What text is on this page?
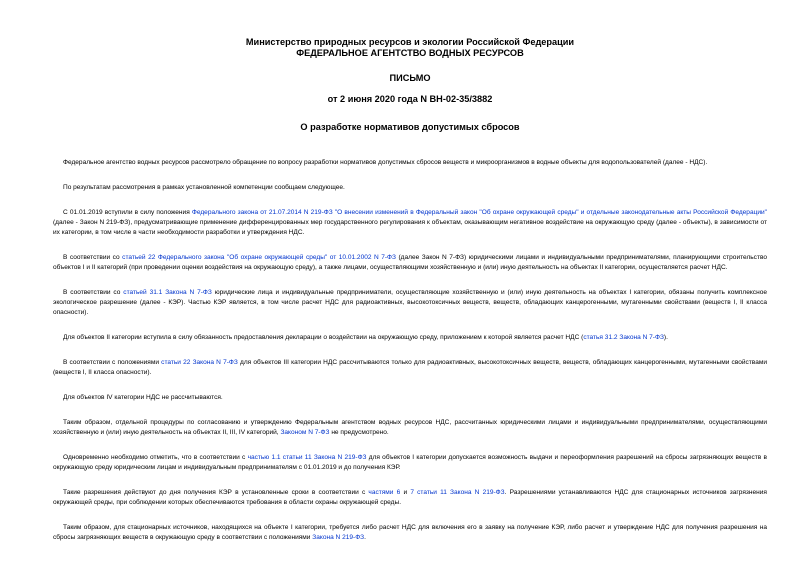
Министерство природных ресурсов и экологии Российской Федерации
ФЕДЕРАЛЬНОЕ АГЕНТСТВО ВОДНЫХ РЕСУРСОВ
ПИСЬМО
от 2 июня 2020 года N ВН-02-35/3882
О разработке нормативов допустимых сбросов

Федеральное агентство водных ресурсов рассмотрело обращение по вопросу разработки нормативов допустимых сбросов веществ и микроорганизмов в водные объекты для водопользователей (далее - НДС).

По результатам рассмотрения в рамках установленной компетенции сообщаем следующее.

С 01.01.2019 вступили в силу положения Федерального закона от 21.07.2014 N 219-ФЗ "О внесении изменений в Федеральный закон "Об охране окружающей среды" и отдельные законодательные акты Российской Федерации" (далее - Закон N 219-ФЗ), предусматривающие применение дифференцированных мер государственного регулирования к объектам, оказывающим негативное воздействие на окружающую среду (далее - объекты), в зависимости от их категории, в том числе в части необходимости разработки и утверждения НДС.

В соответствии со статьей 22 Федерального закона "Об охране окружающей среды" от 10.01.2002 N 7-ФЗ (далее Закон N 7-ФЗ) юридическими лицами и индивидуальными предпринимателями, планирующими строительство объектов I и II категорий (при проведении оценки воздействия на окружающую среду), а также лицами, осуществляющими хозяйственную и (или) иную деятельность на объектах II категории, осуществляется расчет НДС.

В соответствии со статьей 31.1 Закона N 7-ФЗ юридические лица и индивидуальные предприниматели, осуществляющие хозяйственную и (или) иную деятельность на объектах I категории, обязаны получить комплексное экологическое разрешение (далее - КЭР). Частью КЭР является, в том числе расчет НДС для радиоактивных, высокотоксичных веществ, веществ, обладающих канцерогенными, мутагенными свойствами (веществ I, II класса опасности).

Для объектов II категории вступила в силу обязанность предоставления декларации о воздействии на окружающую среду, приложением к которой является расчет НДС (статья 31.2 Закона N 7-ФЗ).

В соответствии с положениями статьи 22 Закона N 7-ФЗ для объектов III категории НДС рассчитываются только для радиоактивных, высокотоксичных веществ, веществ, обладающих канцерогенными, мутагенными свойствами (веществ I, II класса опасности).

Для объектов IV категории НДС не рассчитываются.

Таким образом, отдельной процедуры по согласованию и утверждению Федеральным агентством водных ресурсов НДС, рассчитанных юридическими лицами и индивидуальными предпринимателями, осуществляющими хозяйственную и (или) иную деятельность на объектах II, III, IV категорий, Законом N 7-ФЗ не предусмотрено.

Одновременно необходимо отметить, что в соответствии с частью 1.1 статьи 11 Закона N 219-ФЗ для объектов I категории допускается возможность выдачи и переоформления разрешений на сбросы загрязняющих веществ в окружающую среду юридическим лицам и индивидуальным предпринимателям с 01.01.2019 и до получения КЭР.

Такие разрешения действуют до дня получения КЭР в установленные сроки в соответствии с частями 6 и 7 статьи 11 Закона N 219-ФЗ. Разрешениями устанавливаются НДС для стационарных источников загрязнения окружающей среды, при соблюдении которых обеспечиваются требования в области охраны окружающей среды.

Таким образом, для стационарных источников, находящихся на объекте I категории, требуется либо расчет НДС для включения его в заявку на получение КЭР, либо расчет и утверждение НДС для получения разрешения на сбросы загрязняющих веществ в окружающую среду в соответствии с положениями Закона N 219-ФЗ.
